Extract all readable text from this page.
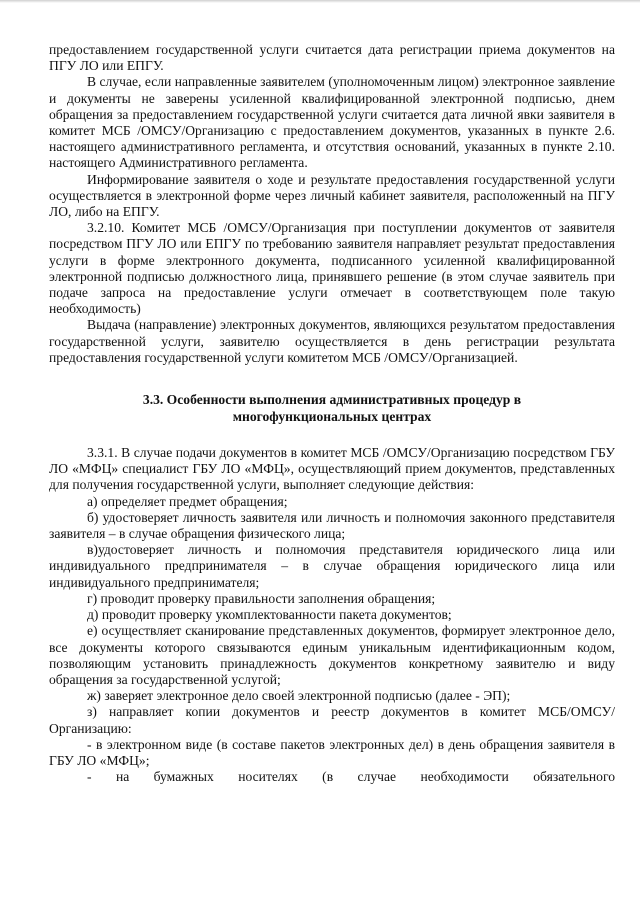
предоставлением государственной услуги считается дата регистрации приема документов на ПГУ ЛО или ЕПГУ.

В случае, если направленные заявителем (уполномоченным лицом) электронное заявление и документы не заверены усиленной квалифицированной электронной подписью, днем обращения за предоставлением государственной услуги считается дата личной явки заявителя в комитет МСБ /ОМСУ/Организацию с предоставлением документов, указанных в пункте 2.6. настоящего административного регламента, и отсутствия оснований, указанных в пункте 2.10. настоящего Административного регламента.

Информирование заявителя о ходе и результате предоставления государственной услуги осуществляется в электронной форме через личный кабинет заявителя, расположенный на ПГУ ЛО, либо на ЕПГУ.

3.2.10. Комитет МСБ /ОМСУ/Организация при поступлении документов от заявителя посредством ПГУ ЛО или ЕПГУ по требованию заявителя направляет результат предоставления услуги в форме электронного документа, подписанного усиленной квалифицированной электронной подписью должностного лица, принявшего решение (в этом случае заявитель при подаче запроса на предоставление услуги отмечает в соответствующем поле такую необходимость)

Выдача (направление) электронных документов, являющихся результатом предоставления государственной услуги, заявителю осуществляется в день регистрации результата предоставления государственной услуги комитетом МСБ /ОМСУ/Организацией.

3.3. Особенности выполнения административных процедур в
многофункциональных центрах

3.3.1. В случае подачи документов в комитет МСБ /ОМСУ/Организацию посредством ГБУ ЛО «МФЦ» специалист ГБУ ЛО «МФЦ», осуществляющий прием документов, представленных для получения государственной услуги, выполняет следующие действия:

а) определяет предмет обращения;

б) удостоверяет личность заявителя или личность и полномочия законного представителя заявителя – в случае обращения физического лица;

в)удостоверяет личность и полномочия представителя юридического лица или индивидуального предпринимателя – в случае обращения юридического лица или индивидуального предпринимателя;

г) проводит проверку правильности заполнения обращения;

д) проводит проверку укомплектованности пакета документов;

е) осуществляет сканирование представленных документов, формирует электронное дело, все документы которого связываются единым уникальным идентификационным кодом, позволяющим установить принадлежность документов конкретному заявителю и виду обращения за государственной услугой;

ж) заверяет электронное дело своей электронной подписью (далее - ЭП);

з) направляет копии документов и реестр документов в комитет МСБ/ОМСУ/Организацию:

- в электронном виде (в составе пакетов электронных дел) в день обращения заявителя в ГБУ ЛО «МФЦ»;

- на бумажных носителях (в случае необходимости обязательного
